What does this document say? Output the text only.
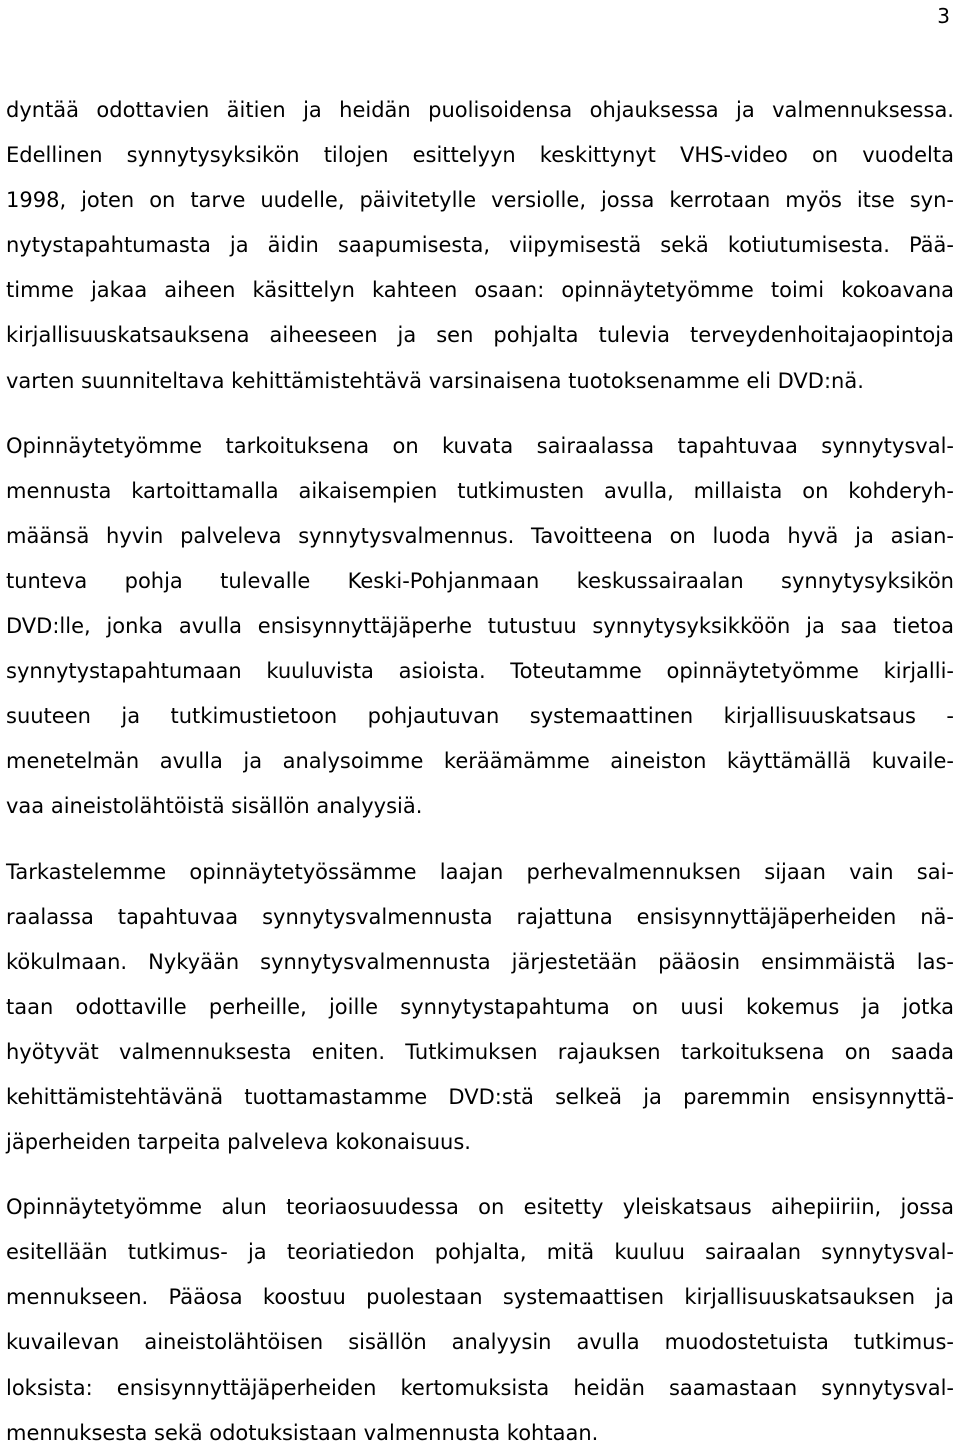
3

dyntää odottavien äitien ja heidän puolisoidensa ohjauksessa ja valmennuksessa.
Edellinen synnytysyksikön tilojen esittelyyn keskittynyt VHS-video on vuodelta
1998, joten on tarve uudelle, päivitetylle versiolle, jossa kerrotaan myös itse syn-
nytystapahtumasta ja äidin saapumisesta, viipymisestä sekä kotiutumisesta. Pää-
timme jakaa aiheen käsittelyn kahteen osaan: opinnäytetyömme toimi kokoavana
kirjallisuuskatsauksena aiheeseen ja sen pohjalta tulevia terveydenhoitajaopintoja
varten suunniteltava kehittämistehtävä varsinaisena tuotoksenamme eli DVD:nä.

Opinnäytetyömme tarkoituksena on kuvata sairaalassa tapahtuvaa synnytysval-
mennusta kartoittamalla aikaisempien tutkimusten avulla, millaista on kohderyh-
määnsä hyvin palveleva synnytysvalmennus. Tavoitteena on luoda hyvä ja asian-
tunteva pohja tulevalle Keski-Pohjanmaan keskussairaalan synnytysyksikön
DVD:lle, jonka avulla ensisynnyttäjäperhe tutustuu synnytysyksikköön ja saa tietoa
synnytystapahtumaan kuuluvista asioista. Toteutamme opinnäytetyömme kirjalli-
suuteen ja tutkimustietoon pohjautuvan systemaattinen kirjallisuuskatsaus -
menetelmän avulla ja analysoimme keräämämme aineiston käyttämällä kuvaile-
vaa aineistolähtöistä sisällön analyysiä.

Tarkastelemme opinnäytetyössämme laajan perhevalmennuksen sijaan vain sai-
raalassa tapahtuvaa synnytysvalmennusta rajattuna ensisynnyttäjäperheiden nä-
kökulmaan. Nykyään synnytysvalmennusta järjestetään pääosin ensimmäistä las-
taan odottaville perheille, joille synnytystapahtuma on uusi kokemus ja jotka
hyötyvät valmennuksesta eniten. Tutkimuksen rajauksen tarkoituksena on saada
kehittämistehtävänä tuottamastamme DVD:stä selkeä ja paremmin ensisynnyttä-
jäperheiden tarpeita palveleva kokonaisuus.

Opinnäytetyömme alun teoriaosuudessa on esitetty yleiskatsaus aihepiiriin, jossa
esitellään tutkimus- ja teoriatiedon pohjalta, mitä kuuluu sairaalan synnytysval-
mennukseen. Pääosa koostuu puolestaan systemaattisen kirjallisuuskatsauksen ja
kuvailevan aineistolähtöisen sisällön analyysin avulla muodostetuista tutkimus-
loksista: ensisynnyttäjäperheiden kertomuksista heidän saamastaan synnytysval-
mennuksesta sekä odotuksistaan valmennusta kohtaan.
